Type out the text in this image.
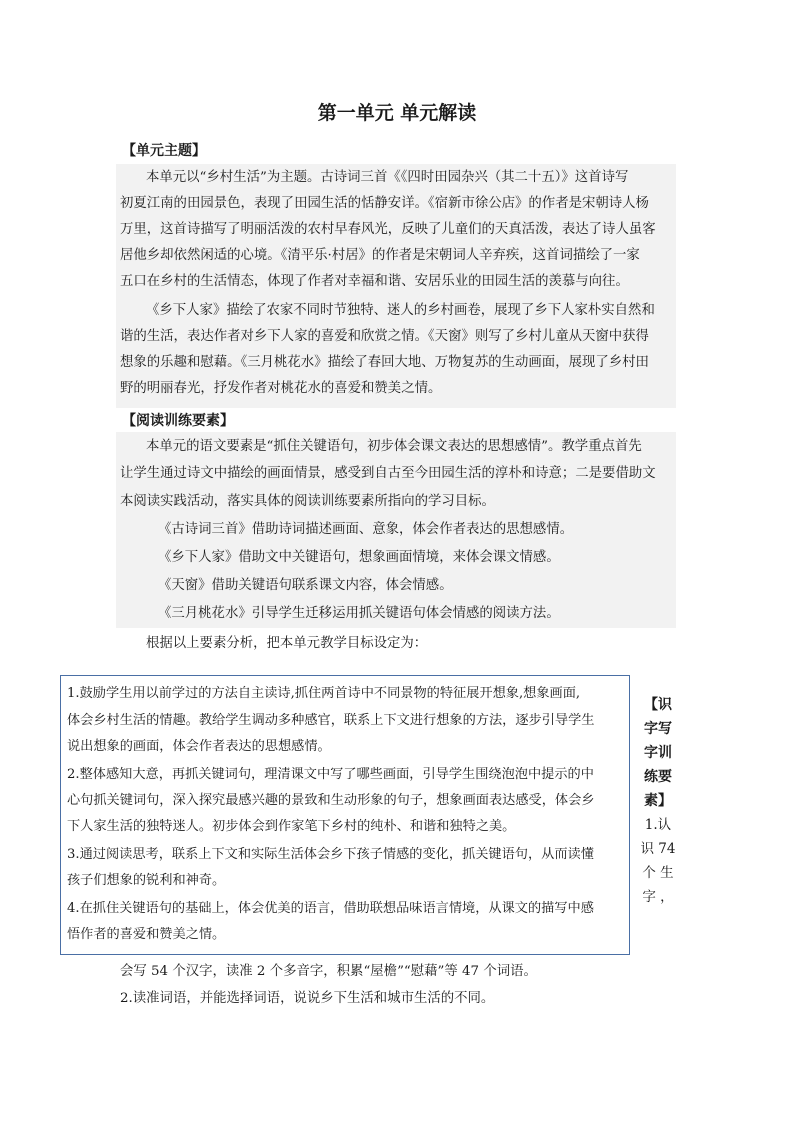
第一单元 单元解读
【单元主题】
本单元以“乡村生活”为主题。古诗词三首《《四时田园杂兴（其二十五）》这首诗写
初夏江南的田园景色，表现了田园生活的恬静安详。《宿新市徐公店》的作者是宋朝诗人杨
万里，这首诗描写了明丽活泼的农村早春风光，反映了儿童们的天真活泼，表达了诗人虽客
居他乡却依然闲适的心境。《清平乐·村居》的作者是宋朝词人辛弃疾，这首词描绘了一家
五口在乡村的生活情态，体现了作者对幸福和谐、安居乐业的田园生活的羡慕与向往。
《乡下人家》描绘了农家不同时节独特、迷人的乡村画卷，展现了乡下人家朴实自然和
谐的生活，表达作者对乡下人家的喜爱和欣赏之情。《天窗》则写了乡村儿童从天窗中获得
想象的乐趣和慰藉。《三月桃花水》描绘了春回大地、万物复苏的生动画面，展现了乡村田
野的明丽春光，抒发作者对桃花水的喜爱和赞美之情。
【阅读训练要素】
本单元的语文要素是“抓住关键语句，初步体会课文表达的思想感情”。教学重点首先
让学生通过诗文中描绘的画面情景，感受到自古至今田园生活的淳朴和诗意；二是要借助文
本阅读实践活动，落实具体的阅读训练要素所指向的学习目标。
《古诗词三首》借助诗词描述画面、意象，体会作者表达的思想感情。
《乡下人家》借助文中关键语句，想象画面情境，来体会课文情感。
《天窗》借助关键语句联系课文内容，体会情感。
《三月桃花水》引导学生迁移运用抓关键语句体会情感的阅读方法。
根据以上要素分析，把本单元教学目标设定为：
1.鼓励学生用以前学过的方法自主读诗,抓住两首诗中不同景物的特征展开想象,想象画面,
体会乡村生活的情趣。教给学生调动多种感官，联系上下文进行想象的方法，逐步引导学生
说出想象的画面，体会作者表达的思想感情。
2.整体感知大意，再抓关键词句，理清课文中写了哪些画面，引导学生围绕泡泡中提示的中
心句抓关键词句，深入探究最感兴趣的景致和生动形象的句子，想象画面表达感受，体会乡
下人家生活的独特迷人。初步体会到作家笔下乡村的纯朴、和谐和独特之美。
3.通过阅读思考，联系上下文和实际生活体会乡下孩子情感的变化，抓关键语句，从而读懂
孩子们想象的锐利和神奇。
4.在抓住关键语句的基础上，体会优美的语言，借助联想品味语言情境，从课文的描写中感
悟作者的喜爱和赞美之情。
【识
字写
字训
练要
素】
1.认
识 74
个 生
字 ，
会写 54 个汉字，读准 2 个多音字，积累“屋檐”“慰藉”等 47 个词语。
2.读准词语，并能选择词语，说说乡下生活和城市生活的不同。
